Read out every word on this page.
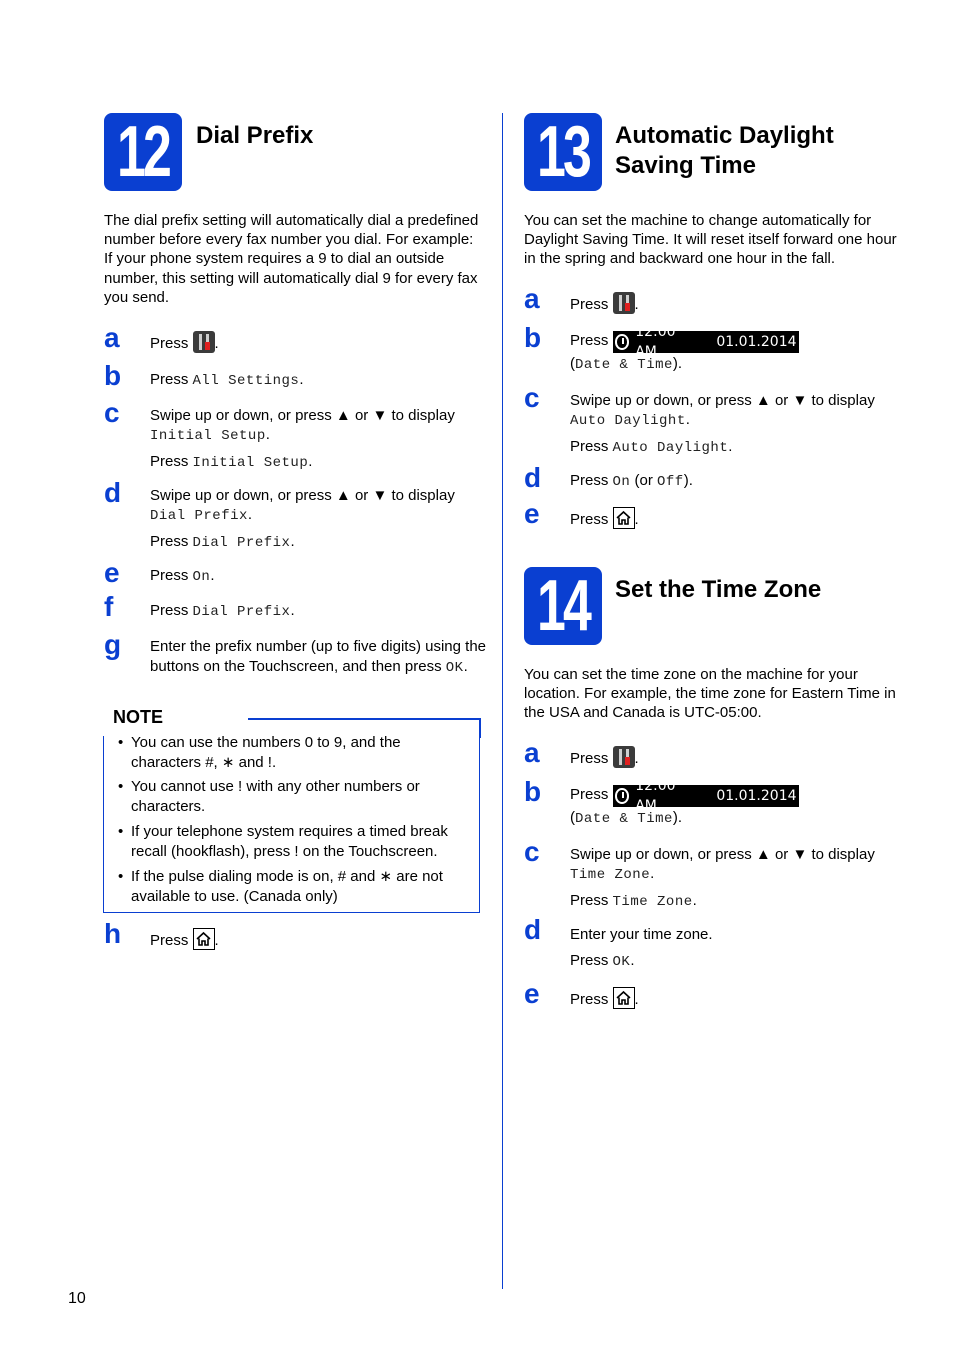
12 Dial Prefix
The dial prefix setting will automatically dial a predefined number before every fax number you dial. For example: If your phone system requires a 9 to dial an outside number, this setting will automatically dial 9 for every fax you send.
a Press .
b Press All Settings.
c Swipe up or down, or press ▲ or ▼ to display
Initial Setup.
Press Initial Setup.
d Swipe up or down, or press ▲ or ▼ to display
Dial Prefix.
Press Dial Prefix.
e Press On.
f Press Dial Prefix.
g Enter the prefix number (up to five digits) using the buttons on the Touchscreen, and then press OK.
NOTE
• You can use the numbers 0 to 9, and the characters #, ∗ and !.
• You cannot use ! with any other numbers or characters.
• If your telephone system requires a timed break recall (hookflash), press ! on the Touchscreen.
• If the pulse dialing mode is on, # and ∗ are not available to use. (Canada only)
h Press .
13 Automatic Daylight
Saving Time
You can set the machine to change automatically for Daylight Saving Time. It will reset itself forward one hour in the spring and backward one hour in the fall.
a Press .
b Press 12:00 AM
01.01.2014
(Date & Time).
c Swipe up or down, or press ▲ or ▼ to display
Auto Daylight.
Press Auto Daylight.
d Press On (or Off).
e Press .
14 Set the Time Zone
You can set the time zone on the machine for your location. For example, the time zone for Eastern Time in the USA and Canada is UTC-05:00.
a Press .
b Press 12:00 AM
01.01.2014
(Date & Time).
c Swipe up or down, or press ▲ or ▼ to display
Time Zone.
Press Time Zone.
d Enter your time zone.
Press OK.
e Press .
10
